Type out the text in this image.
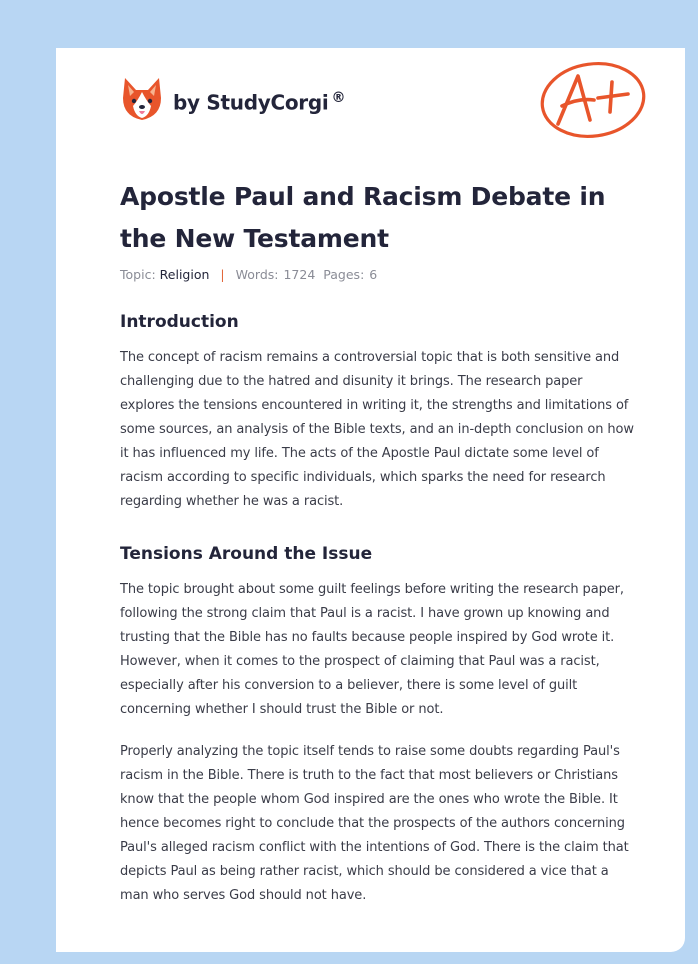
by StudyCorgi ®
Apostle Paul and Racism Debate in the New Testament
Topic: Religion | Words: 1724 Pages: 6
Introduction

The concept of racism remains a controversial topic that is both sensitive and challenging due to the hatred and disunity it brings. The research paper explores the tensions encountered in writing it, the strengths and limitations of some sources, an analysis of the Bible texts, and an in-depth conclusion on how it has influenced my life. The acts of the Apostle Paul dictate some level of racism according to specific individuals, which sparks the need for research regarding whether he was a racist.

Tensions Around the Issue

The topic brought about some guilt feelings before writing the research paper, following the strong claim that Paul is a racist. I have grown up knowing and trusting that the Bible has no faults because people inspired by God wrote it. However, when it comes to the prospect of claiming that Paul was a racist, especially after his conversion to a believer, there is some level of guilt concerning whether I should trust the Bible or not.

Properly analyzing the topic itself tends to raise some doubts regarding Paul's racism in the Bible. There is truth to the fact that most believers or Christians know that the people whom God inspired are the ones who wrote the Bible. It hence becomes right to conclude that the prospects of the authors concerning Paul's alleged racism conflict with the intentions of God. There is the claim that depicts Paul as being rather racist, which should be considered a vice that a man who serves God should not have.
